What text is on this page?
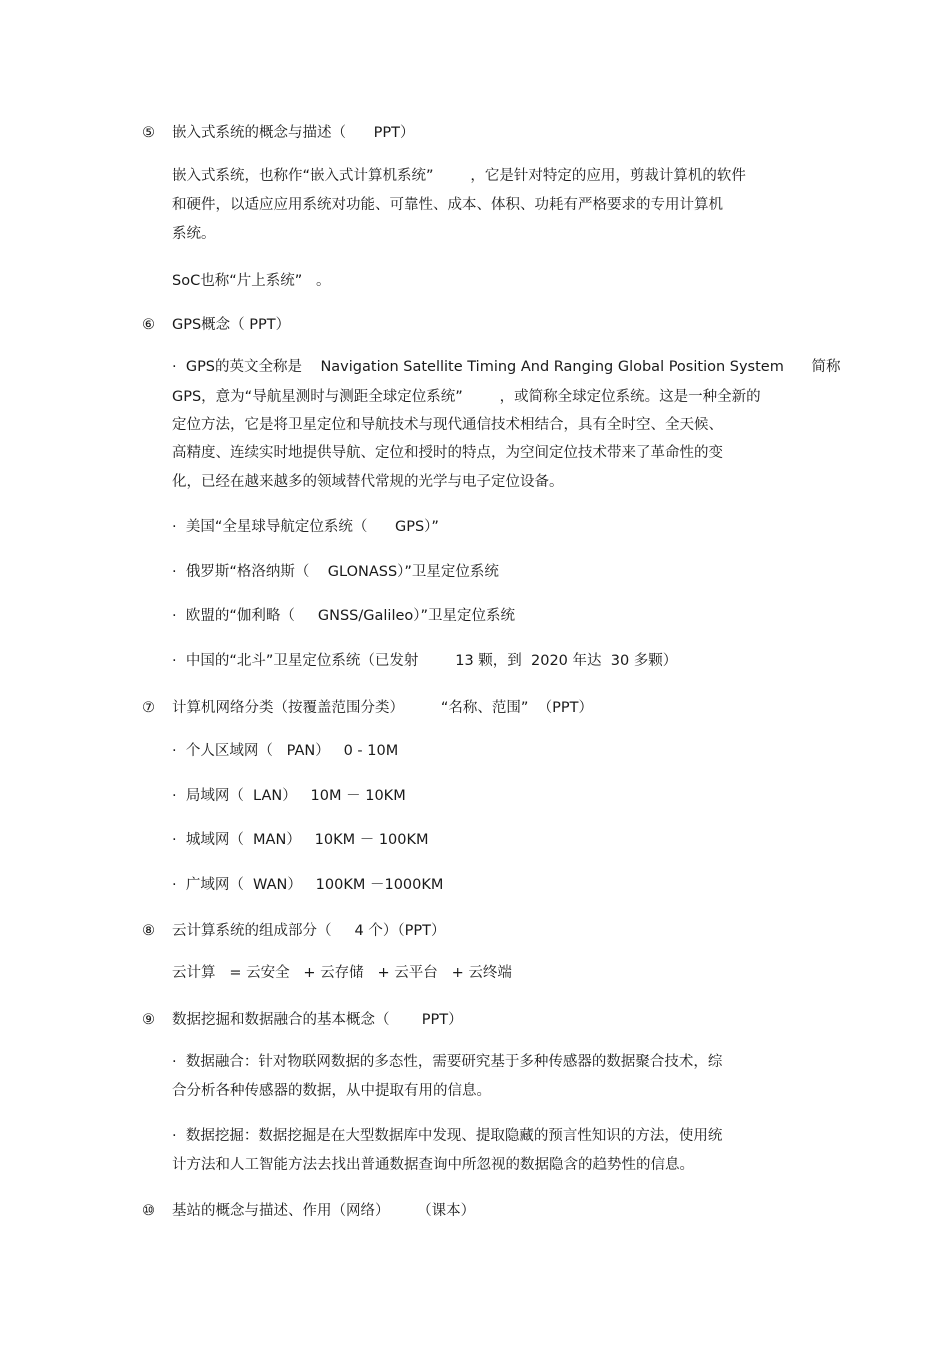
⑤ 嵌入式系统的概念与描述（      PPT）
嵌入式系统，也称作“嵌入式计算机系统”        ，它是针对特定的应用，剪裁计算机的软件
和硬件，以适应应用系统对功能、可靠性、成本、体积、功耗有严格要求的专用计算机
系统。
SoC也称“片上系统”   。
⑥ GPS概念（ PPT）
·  GPS的英文全称是    Navigation Satellite Timing And Ranging Global Position System      简称
GPS，意为“导航星测时与测距全球定位系统”        ，或简称全球定位系统。这是一种全新的
定位方法，它是将卫星定位和导航技术与现代通信技术相结合，具有全时空、全天候、
高精度、连续实时地提供导航、定位和授时的特点，为空间定位技术带来了革命性的变
化，已经在越来越多的领域替代常规的光学与电子定位设备。
·  美国“全星球导航定位系统（      GPS）”
·  俄罗斯“格洛纳斯（    GLONASS）”卫星定位系统
·  欧盟的“伽利略（     GNSS/Galileo）”卫星定位系统
·  中国的“北斗”卫星定位系统（已发射        13 颗，到  2020 年达  30 多颗）
⑦ 计算机网络分类（按覆盖范围分类）        “名称、范围”  （PPT）
·  个人区域网（   PAN）   0 - 10M
·  局域网（  LAN）   10M － 10KM
·  城域网（  MAN）   10KM － 100KM
·  广域网（  WAN）   100KM －1000KM
⑧ 云计算系统的组成部分（     4 个）（PPT）
云计算   = 云安全   + 云存储   + 云平台   + 云终端
⑨ 数据挖掘和数据融合的基本概念（       PPT）
·  数据融合：针对物联网数据的多态性，需要研究基于多种传感器的数据聚合技术，综
合分析各种传感器的数据，从中提取有用的信息。
·  数据挖掘：数据挖掘是在大型数据库中发现、提取隐藏的预言性知识的方法，使用统
计方法和人工智能方法去找出普通数据查询中所忽视的数据隐含的趋势性的信息。
⑩ 基站的概念与描述、作用（网络）      （课本）
